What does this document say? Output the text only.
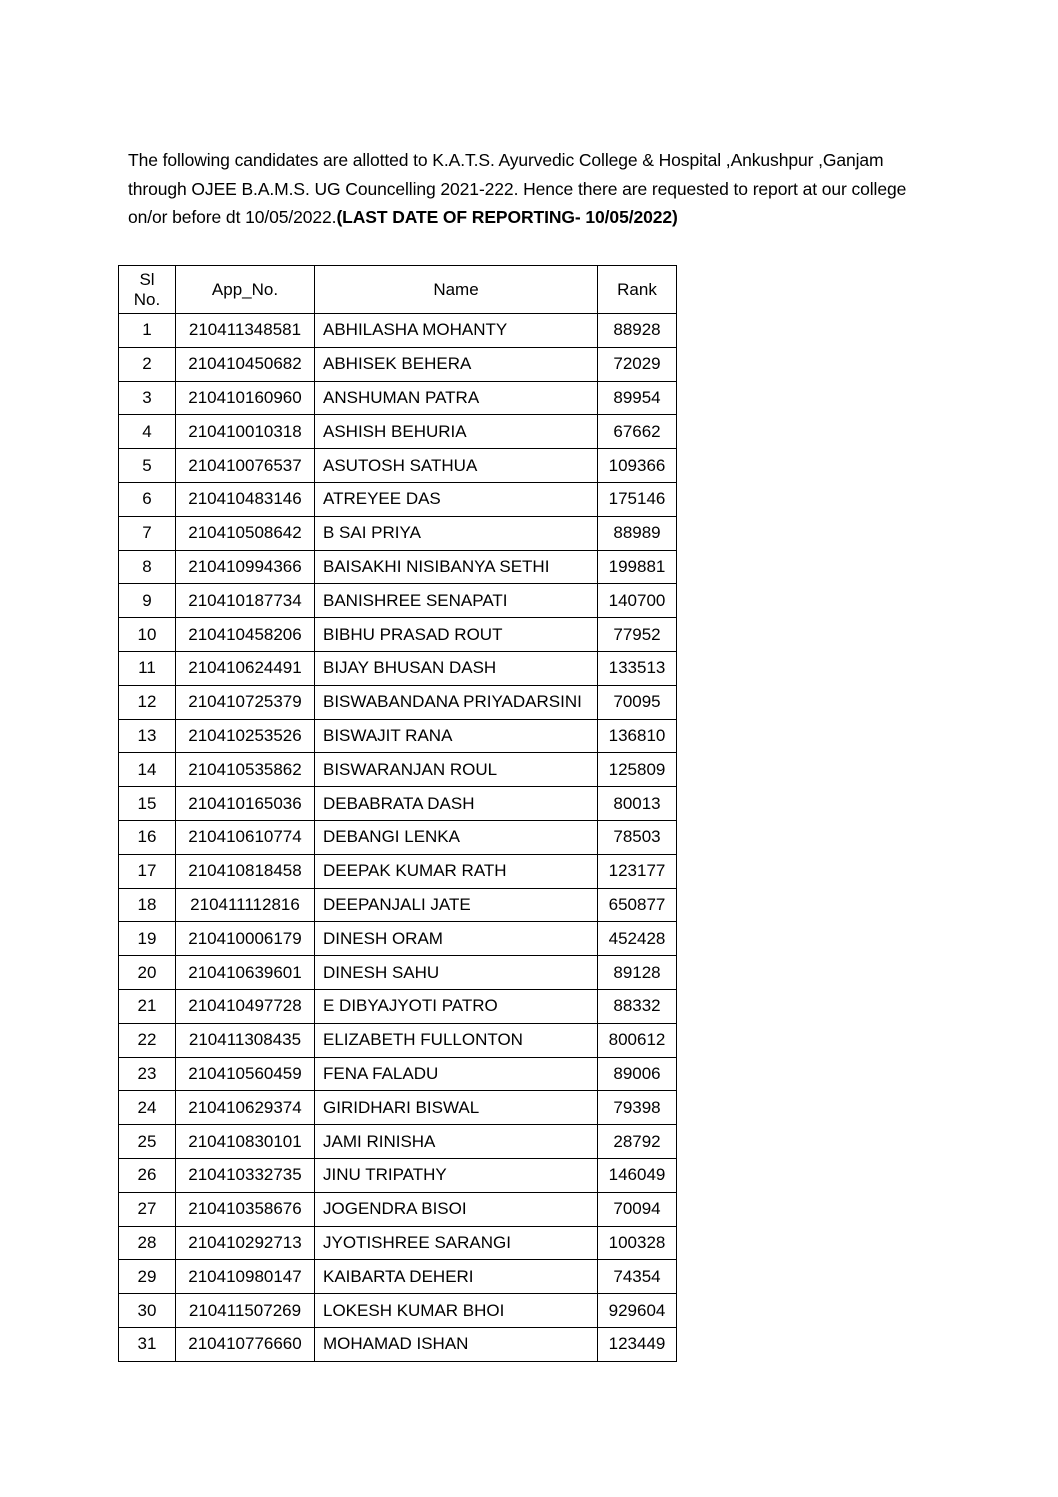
The following candidates are allotted to K.A.T.S. Ayurvedic College & Hospital ,Ankushpur ,Ganjam
through OJEE B.A.M.S. UG Councelling 2021-222. Hence there are requested to report at our college
on/or before dt 10/05/2022.(LAST DATE OF REPORTING- 10/05/2022)
Sl
No.	App_No.	Name	Rank
1	210411348581	ABHILASHA MOHANTY	88928
2	210410450682	ABHISEK BEHERA	72029
3	210410160960	ANSHUMAN PATRA	89954
4	210410010318	ASHISH BEHURIA	67662
5	210410076537	ASUTOSH SATHUA	109366
6	210410483146	ATREYEE DAS	175146
7	210410508642	B SAI PRIYA	88989
8	210410994366	BAISAKHI NISIBANYA SETHI	199881
9	210410187734	BANISHREE SENAPATI	140700
10	210410458206	BIBHU PRASAD ROUT	77952
11	210410624491	BIJAY BHUSAN DASH	133513
12	210410725379	BISWABANDANA PRIYADARSINI	70095
13	210410253526	BISWAJIT RANA	136810
14	210410535862	BISWARANJAN ROUL	125809
15	210410165036	DEBABRATA DASH	80013
16	210410610774	DEBANGI LENKA	78503
17	210410818458	DEEPAK KUMAR RATH	123177
18	210411112816	DEEPANJALI JATE	650877
19	210410006179	DINESH ORAM	452428
20	210410639601	DINESH SAHU	89128
21	210410497728	E DIBYAJYOTI PATRO	88332
22	210411308435	ELIZABETH FULLONTON	800612
23	210410560459	FENA FALADU	89006
24	210410629374	GIRIDHARI BISWAL	79398
25	210410830101	JAMI RINISHA	28792
26	210410332735	JINU TRIPATHY	146049
27	210410358676	JOGENDRA BISOI	70094
28	210410292713	JYOTISHREE SARANGI	100328
29	210410980147	KAIBARTA DEHERI	74354
30	210411507269	LOKESH KUMAR BHOI	929604
31	210410776660	MOHAMAD ISHAN	123449
